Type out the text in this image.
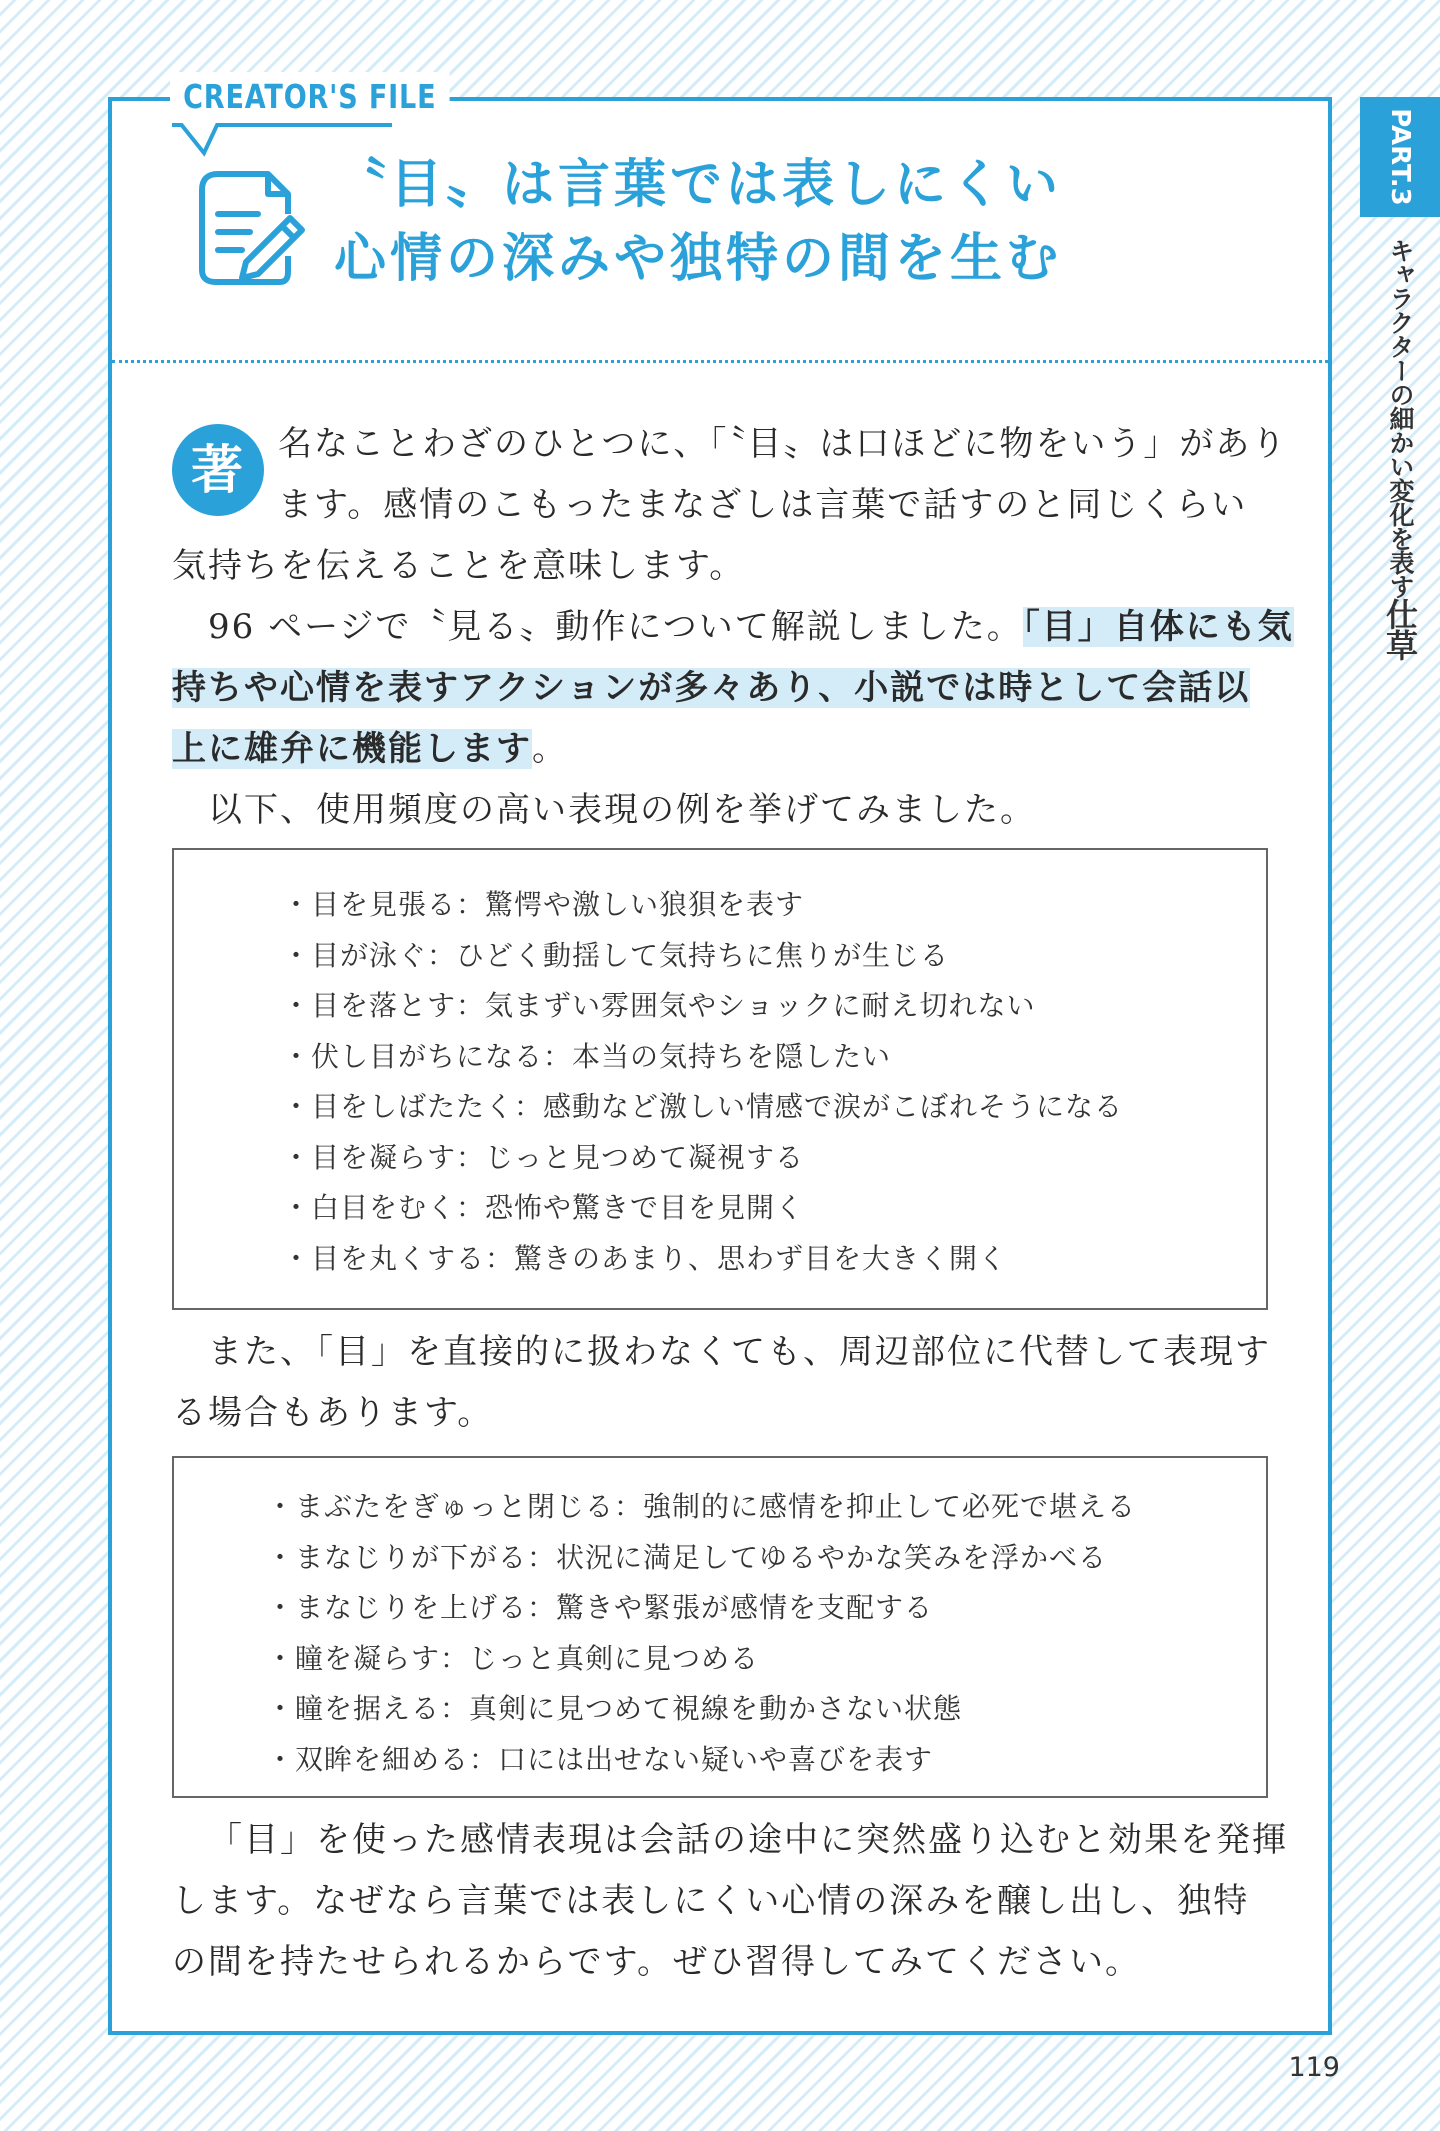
CREATOR'S FILE
〝目〟は言葉では表しにくい
心情の深みや独特の間を生む
PART.3
キャラクターの細かい変化を表す仕草
著 名なことわざのひとつに、「〝目〟は口ほどに物をいう」があり
ます。感情のこもったまなざしは言葉で話すのと同じくらい
気持ちを伝えることを意味します。
96 ページで〝見る〟動作について解説しました。「目」自体にも気
持ちや心情を表すアクションが多々あり、小説では時として会話以
上に雄弁に機能します。
以下、使用頻度の高い表現の例を挙げてみました。
・目を見張る：驚愕や激しい狼狽を表す
・目が泳ぐ：ひどく動揺して気持ちに焦りが生じる
・目を落とす：気まずい雰囲気やショックに耐え切れない
・伏し目がちになる：本当の気持ちを隠したい
・目をしばたたく：感動など激しい情感で涙がこぼれそうになる
・目を凝らす：じっと見つめて凝視する
・白目をむく：恐怖や驚きで目を見開く
・目を丸くする：驚きのあまり、思わず目を大きく開く
また、「目」を直接的に扱わなくても、周辺部位に代替して表現す
る場合もあります。
・まぶたをぎゅっと閉じる：強制的に感情を抑止して必死で堪える
・まなじりが下がる：状況に満足してゆるやかな笑みを浮かべる
・まなじりを上げる：驚きや緊張が感情を支配する
・瞳を凝らす：じっと真剣に見つめる
・瞳を据える：真剣に見つめて視線を動かさない状態
・双眸を細める：口には出せない疑いや喜びを表す
「目」を使った感情表現は会話の途中に突然盛り込むと効果を発揮
します。なぜなら言葉では表しにくい心情の深みを醸し出し、独特
の間を持たせられるからです。ぜひ習得してみてください。
119
